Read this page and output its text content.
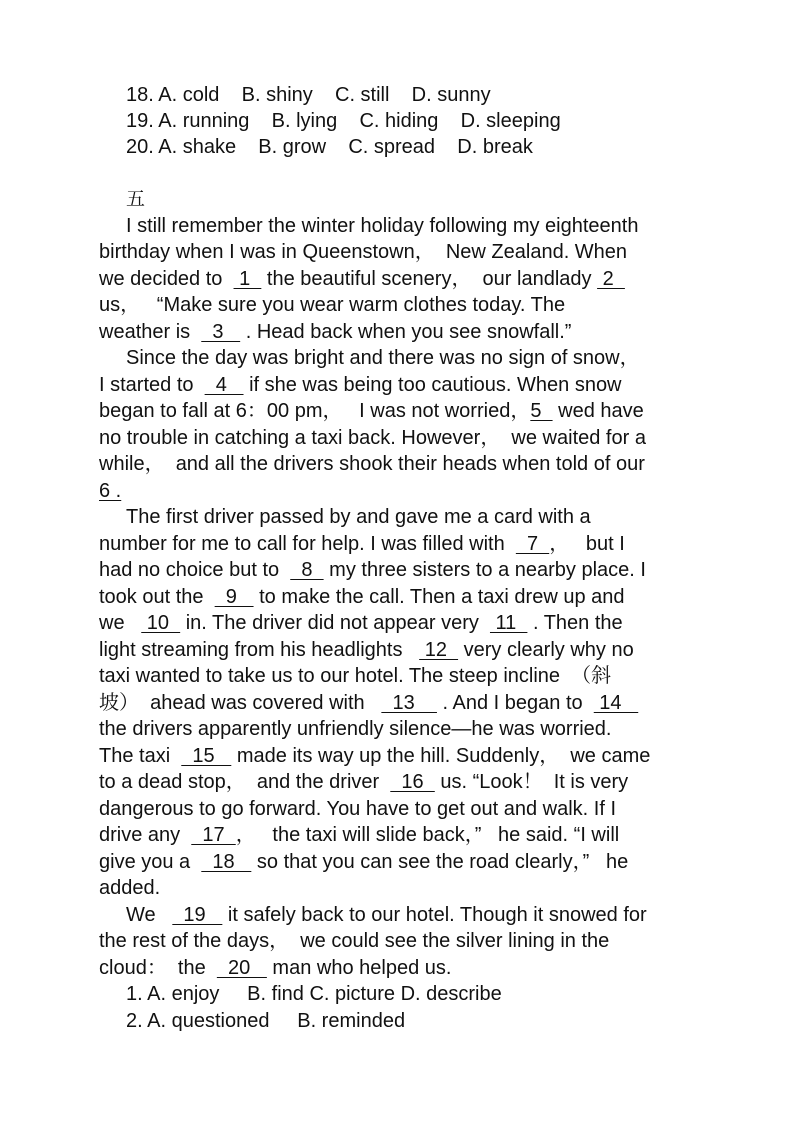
18. A. cold    B. shiny    C. still    D. sunny
19. A. running    B. lying    C. hiding    D. sleeping
20. A. shake    B. grow    C. spread    D. break
五
I still remember the winter holiday following my eighteenth
birthday when I was in Queenstown，  New Zealand. When
we decided to   1   the beautiful scenery，  our landlady  2
us，   “Make sure you wear warm clothes today. The
weather is    3    . Head back when you see snowfall.”
Since the day was bright and there was no sign of snow，
I started to    4    if she was being too cautious. When snow
began to fall at 6：00 pm，   I was not worried，5   wed have
no trouble in catching a taxi back. However，  we waited for a
while，  and all the drivers shook their heads when told of our
6 .
The first driver passed by and gave me a card with a
number for me to call for help. I was filled with    7  ，   but I
had no choice but to    8   my three sisters to a nearby place. I
took out the    9    to make the call. Then a taxi drew up and
we    10   in. The driver did not appear very   11   . Then the
light streaming from his headlights    12   very clearly why no
taxi wanted to take us to our hotel. The steep incline  （斜
坡）  ahead was covered with     13     . And I began to   14
the drivers apparently unfriendly silence—he was worried.
The taxi    15    made its way up the hill. Suddenly，  we came
to a dead stop，  and the driver    16   us. “Look！  It is very
dangerous to go forward. You have to get out and walk. If I
drive any    17  ，   the taxi will slide back，”   he said. “I will
give you a    18    so that you can see the road clearly，”   he
added.
We     19    it safely back to our hotel. Though it snowed for
the rest of the days，  we could see the silver lining in the
cloud：  the    20    man who helped us.
1. A. enjoy     B. find C. picture D. describe
2. A. questioned     B. reminded
